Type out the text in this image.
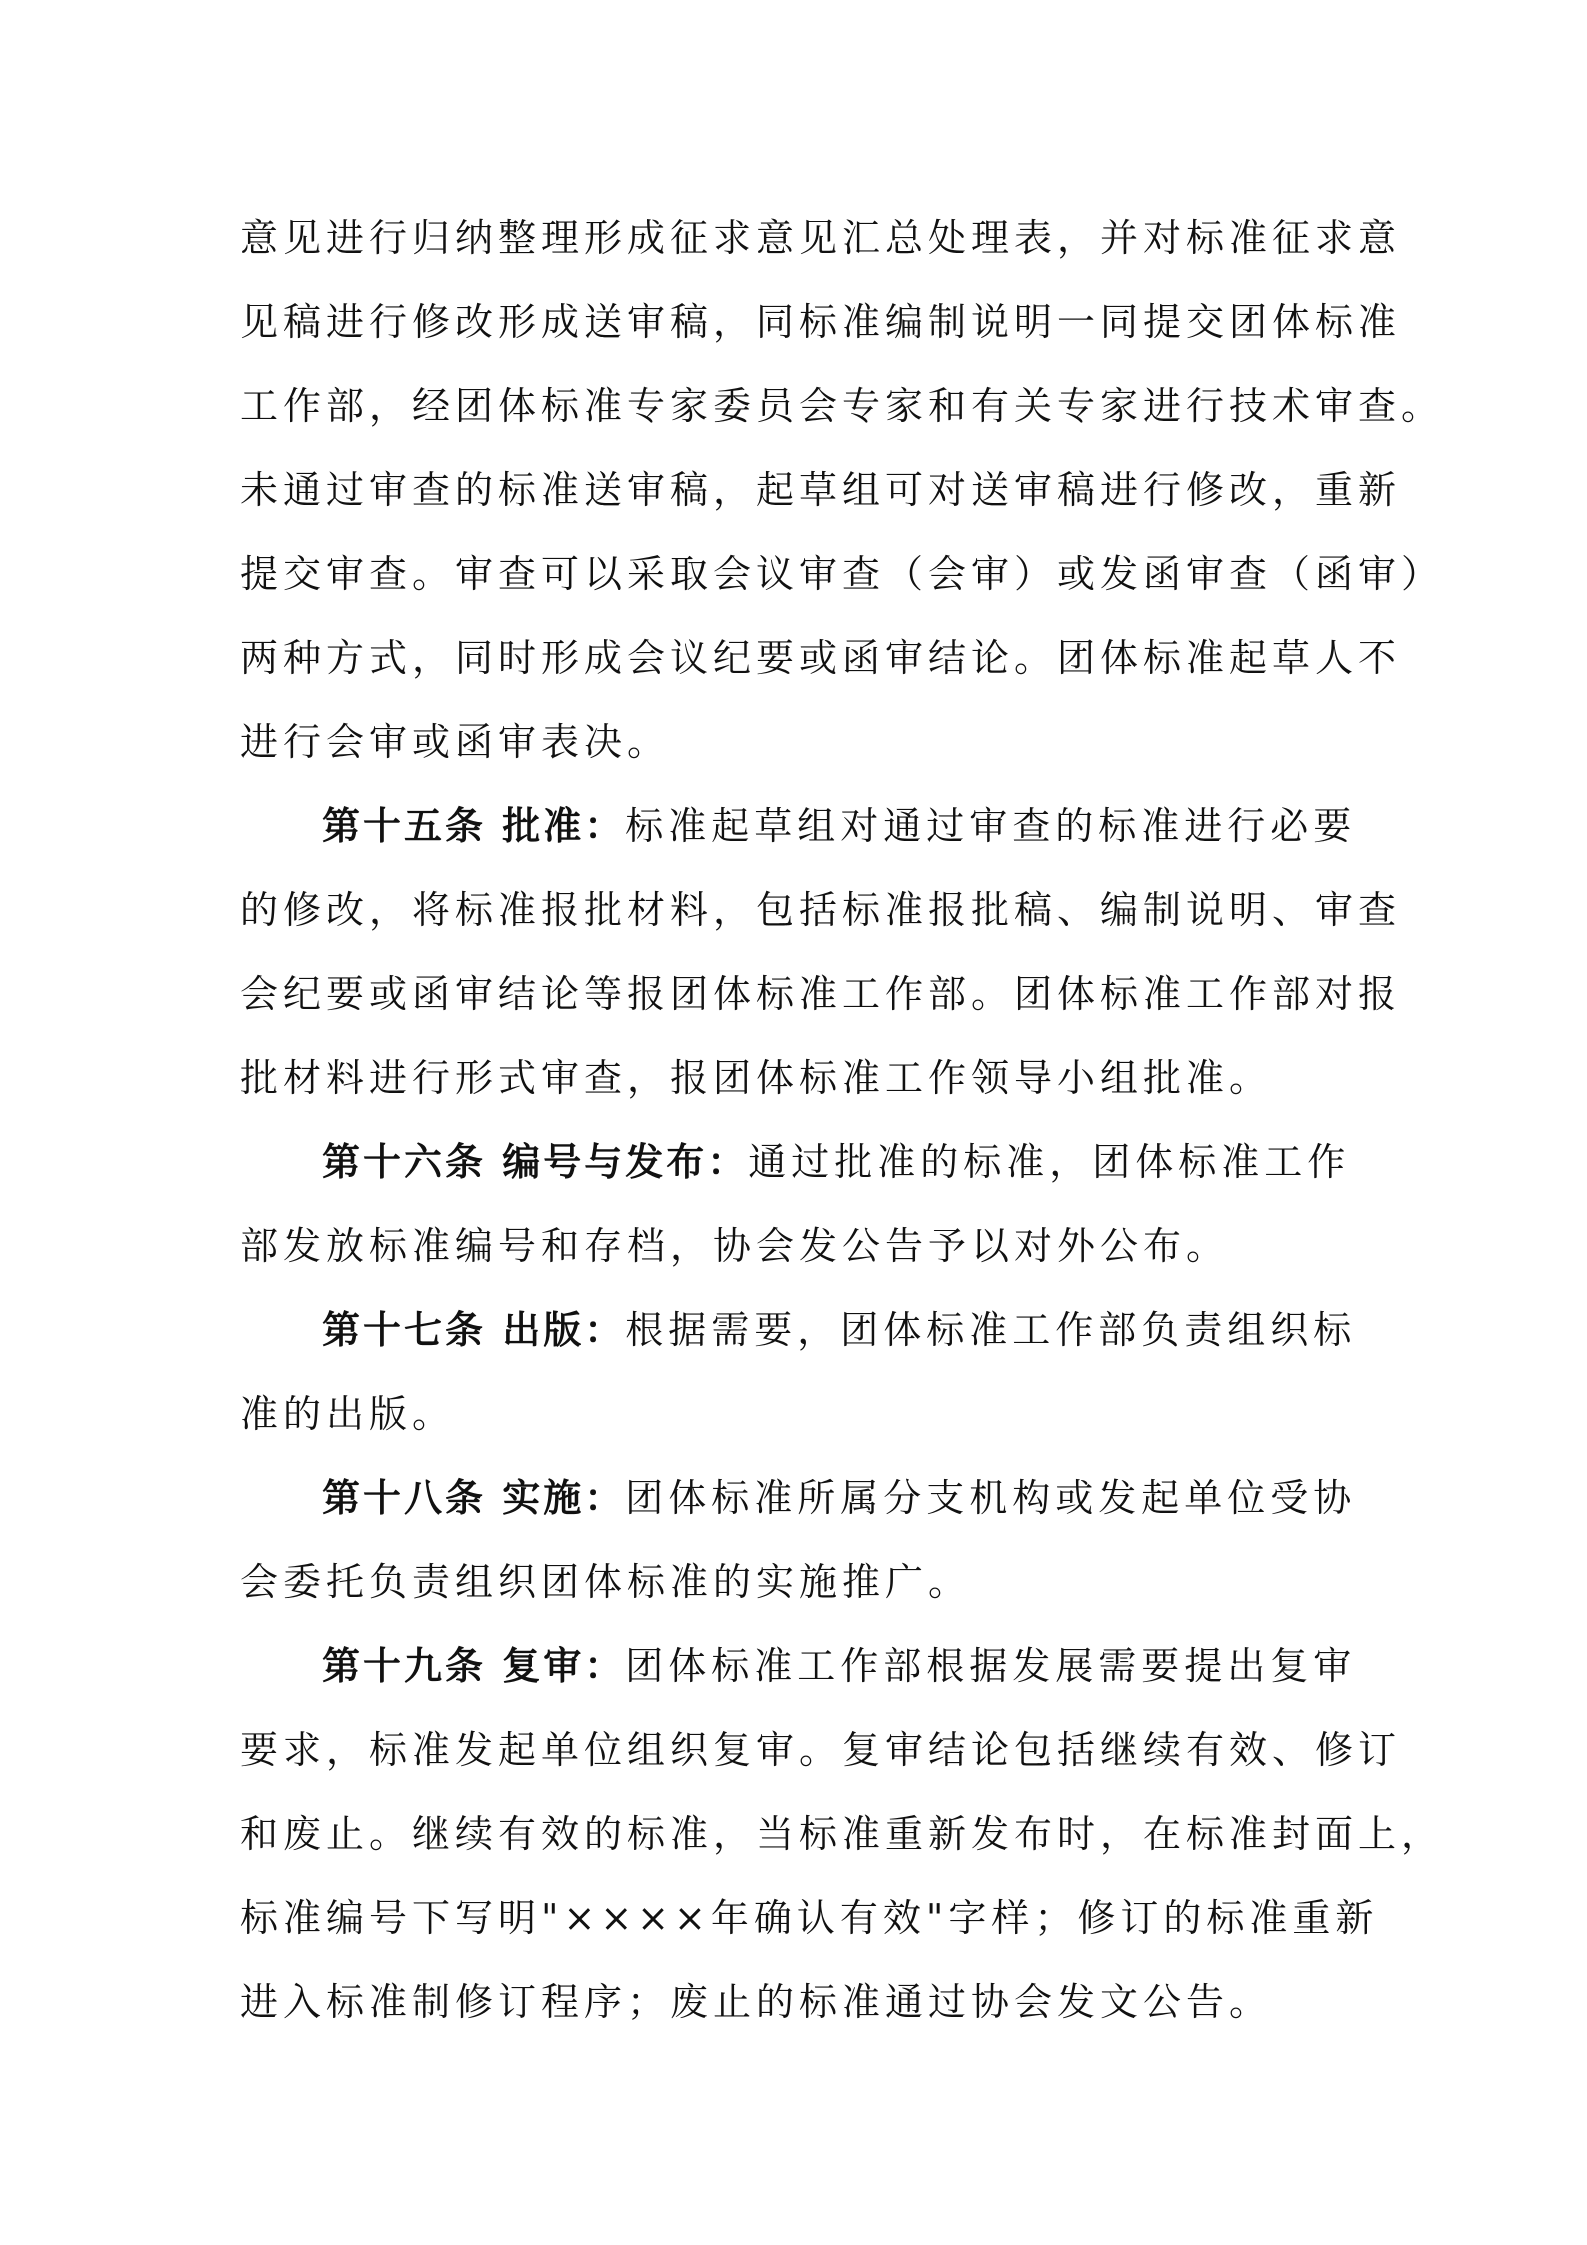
意见进行归纳整理形成征求意见汇总处理表，并对标准征求意
见稿进行修改形成送审稿，同标准编制说明一同提交团体标准
工作部，经团体标准专家委员会专家和有关专家进行技术审查。
未通过审查的标准送审稿，起草组可对送审稿进行修改，重新
提交审查。审查可以采取会议审查（会审）或发函审查（函审）
两种方式，同时形成会议纪要或函审结论。团体标准起草人不
进行会审或函审表决。
第十五条 批准：标准起草组对通过审查的标准进行必要
的修改，将标准报批材料，包括标准报批稿、编制说明、审查
会纪要或函审结论等报团体标准工作部。团体标准工作部对报
批材料进行形式审查，报团体标准工作领导小组批准。
第十六条 编号与发布：通过批准的标准，团体标准工作
部发放标准编号和存档，协会发公告予以对外公布。
第十七条 出版：根据需要，团体标准工作部负责组织标
准的出版。
第十八条 实施：团体标准所属分支机构或发起单位受协
会委托负责组织团体标准的实施推广。
第十九条 复审：团体标准工作部根据发展需要提出复审
要求，标准发起单位组织复审。复审结论包括继续有效、修订
和废止。继续有效的标准，当标准重新发布时，在标准封面上，
标准编号下写明"××××年确认有效"字样；修订的标准重新
进入标准制修订程序；废止的标准通过协会发文公告。
